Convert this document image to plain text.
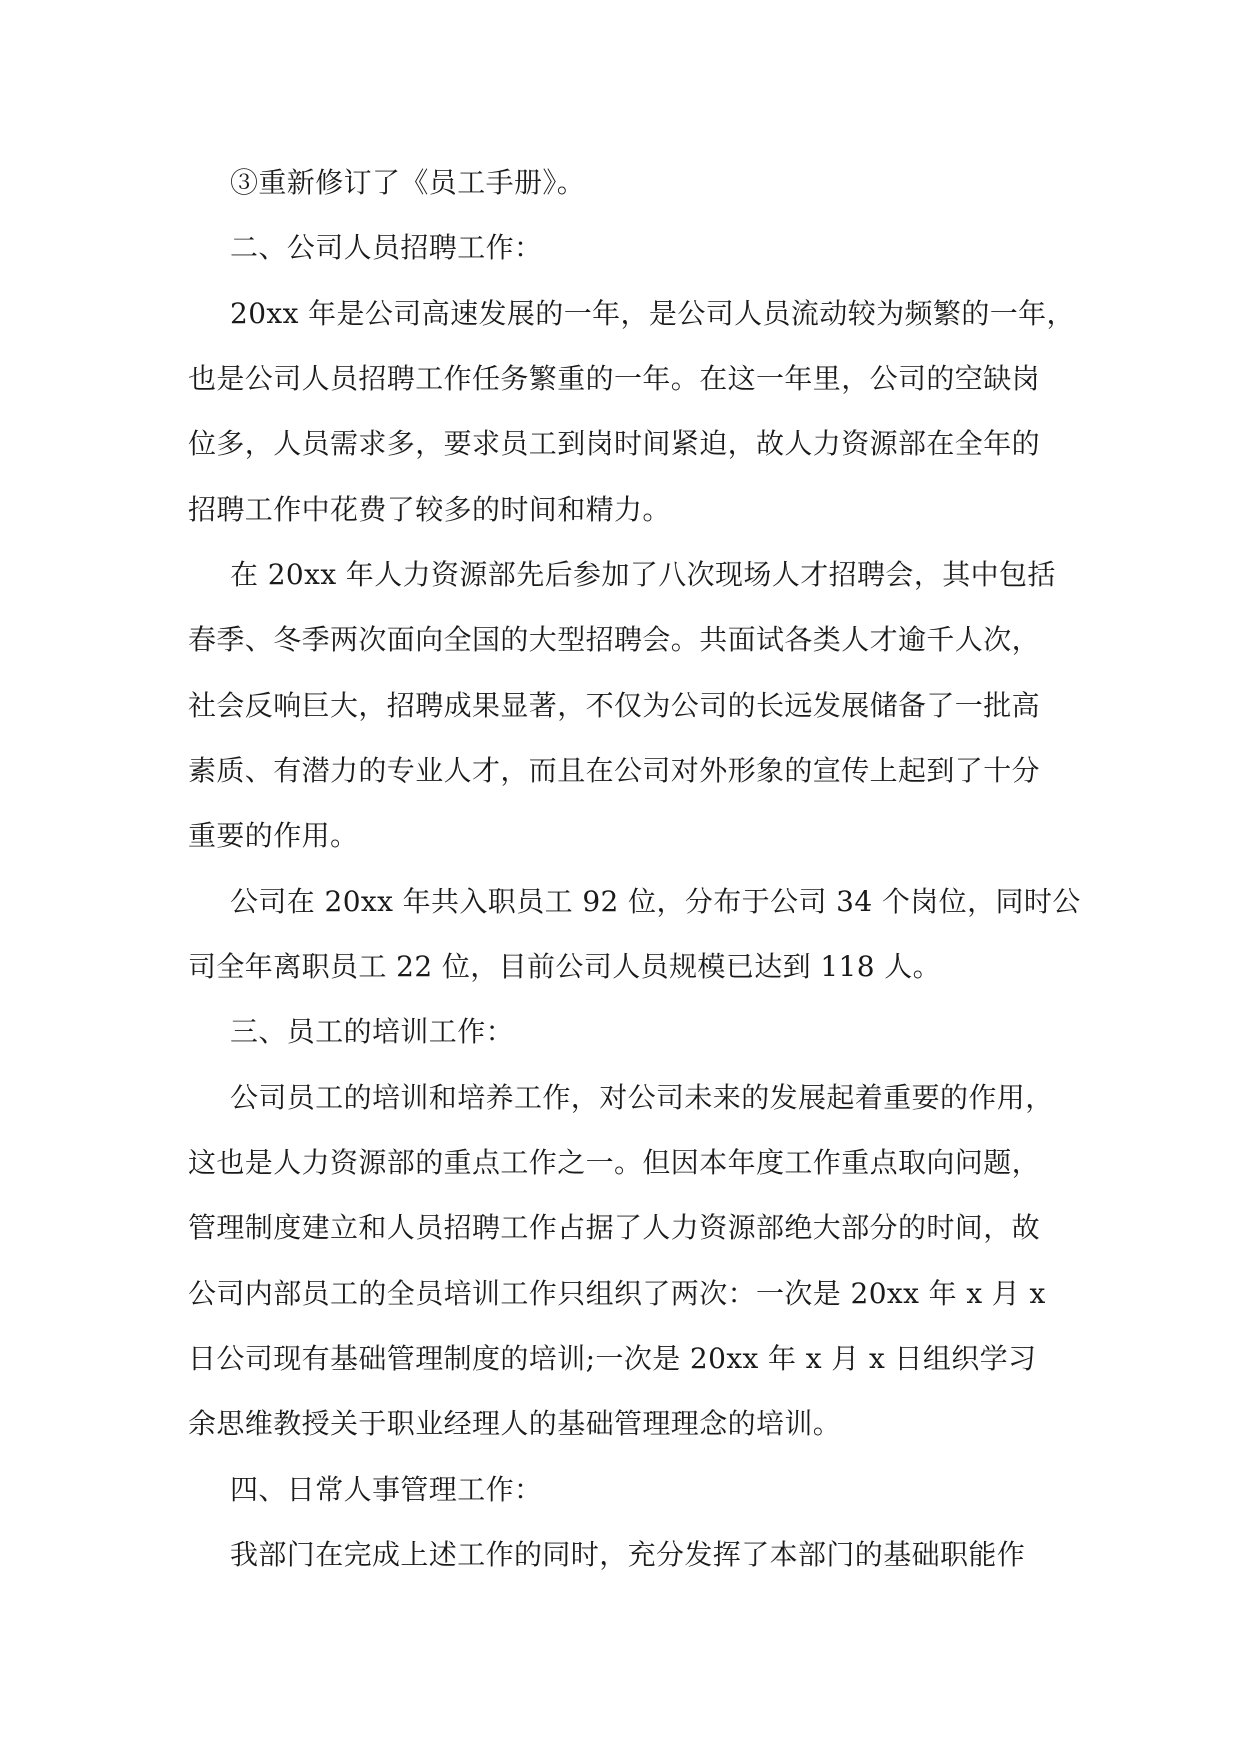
③重新修订了《员工手册》。

二、公司人员招聘工作：

20xx 年是公司高速发展的一年，是公司人员流动较为频繁的一年，

也是公司人员招聘工作任务繁重的一年。在这一年里，公司的空缺岗

位多，人员需求多，要求员工到岗时间紧迫，故人力资源部在全年的

招聘工作中花费了较多的时间和精力。

在 20xx 年人力资源部先后参加了八次现场人才招聘会，其中包括

春季、冬季两次面向全国的大型招聘会。共面试各类人才逾千人次，

社会反响巨大，招聘成果显著，不仅为公司的长远发展储备了一批高

素质、有潜力的专业人才，而且在公司对外形象的宣传上起到了十分

重要的作用。

公司在 20xx 年共入职员工 92 位，分布于公司 34 个岗位，同时公

司全年离职员工 22 位，目前公司人员规模已达到 118 人。

三、员工的培训工作：

公司员工的培训和培养工作，对公司未来的发展起着重要的作用，

这也是人力资源部的重点工作之一。但因本年度工作重点取向问题，

管理制度建立和人员招聘工作占据了人力资源部绝大部分的时间，故

公司内部员工的全员培训工作只组织了两次：一次是 20xx 年 x 月 x

日公司现有基础管理制度的培训;一次是 20xx 年 x 月 x 日组织学习

余思维教授关于职业经理人的基础管理理念的培训。

四、日常人事管理工作：

我部门在完成上述工作的同时，充分发挥了本部门的基础职能作
